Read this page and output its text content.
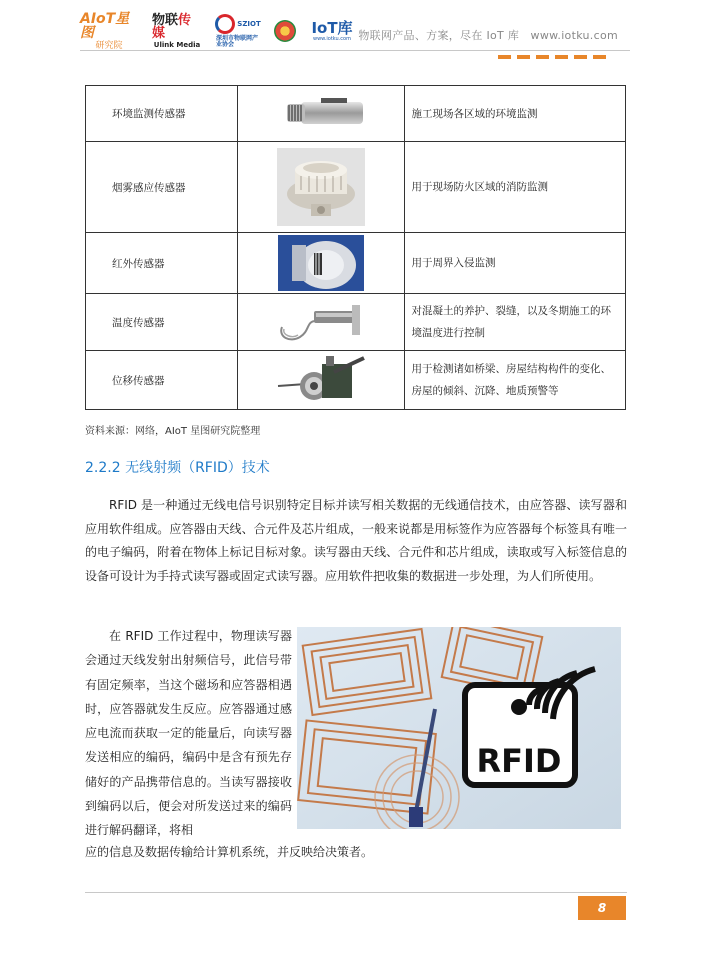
AIoT星图
研究院
物联传媒
Ulink Media
SZIOT
深圳市物联网产业协会
IoT库
www.iotku.com 物联网产品、方案，尽在 IoT 库   www.iotku.com
环境监测传感器		施工现场各区域的环境监测
烟雾感应传感器		用于现场防火区域的消防监测
红外传感器		用于周界入侵监测
温度传感器		对混凝土的养护、裂缝，以及冬期施工的环境温度进行控制
位移传感器		用于检测诸如桥梁、房屋结构构件的变化、房屋的倾斜、沉降、地质预警等
资料来源：网络，AIoT 星图研究院整理
2.2.2 无线射频（RFID）技术

RFID 是一种通过无线电信号识别特定目标并读写相关数据的无线通信技术，由应答器、读写器和应用软件组成。应答器由天线、合元件及芯片组成，一般来说都是用标签作为应答器每个标签具有唯一的电子编码，附着在物体上标记目标对象。读写器由天线、合元件和芯片组成，读取或写入标签信息的设备可设计为手持式读写器或固定式读写器。应用软件把收集的数据进一步处理，为人们所使用。

在 RFID 工作过程中，物理读写器会通过天线发射出射频信号，此信号带有固定频率，当这个磁场和应答器相遇时，应答器就发生反应。应答器通过感应电流而获取一定的能量后，向读写器发送相应的编码，编码中是含有预先存储好的产品携带信息的。当读写器接收到编码以后，便会对所发送过来的编码进行解码翻译，将相

应的信息及数据传输给计算机系统，并反映给决策者。

RFID
8
